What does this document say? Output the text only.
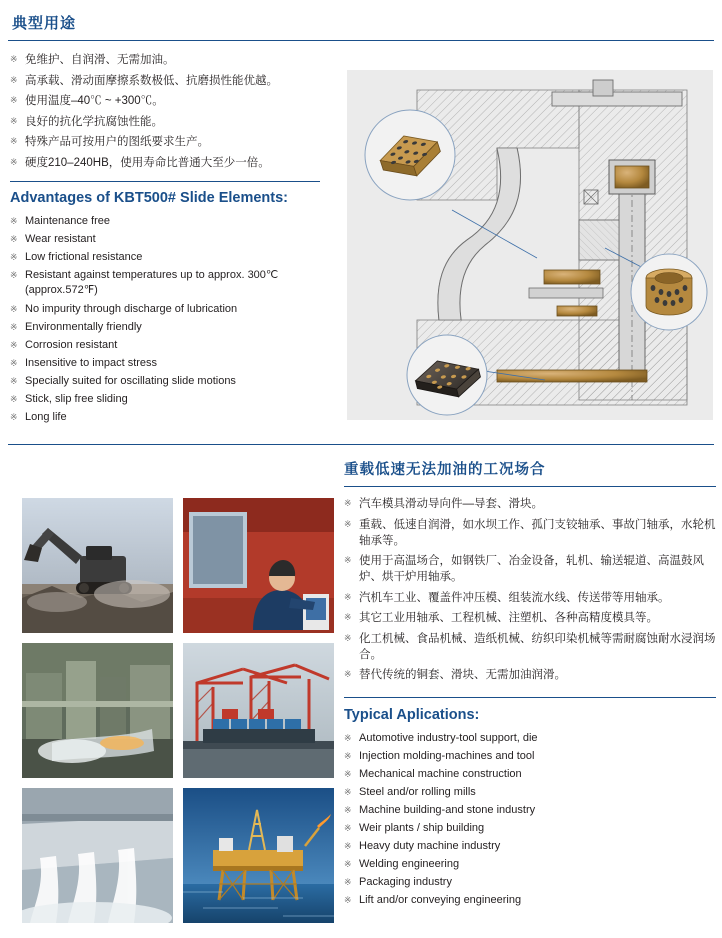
典型用途
※ 免维护、自润滑、无需加油。
※ 高承载、滑动面摩擦系数极低、抗磨损性能优越。
※ 使用温度–40℃ ~ +300℃。
※ 良好的抗化学抗腐蚀性能。
※ 特殊产品可按用户的图纸要求生产。
※ 硬度210–240HB，使用寿命比普通大至少一倍。
Advantages of KBT500# Slide Elements:
※ Maintenance free
※ Wear resistant
※ Low frictional resistance
※ Resistant against temperatures up to approx. 300℃ (approx.572℉)
※ No impurity through discharge of lubrication
※ Environmentally friendly
※ Corrosion resistant
※ Insensitive to impact stress
※ Specially suited for oscillating slide motions
※ Stick, slip free sliding
※ Long life
重载低速无法加油的工况场合
※ 汽车模具滑动导向件—导套、滑块。
※ 重载、低速自润滑，如水坝工作、孤门支铰轴承、事故门轴承，水轮机轴承等。
※ 使用于高温场合，如钢铁厂、冶金设备，轧机、输送辊道、高温鼓风炉、烘干炉用轴承。
※ 汽机车工业、覆盖件冲压模、组装流水线、传送带等用轴承。
※ 其它工业用轴承、工程机械、注塑机、各种高精度模具等。
※ 化工机械、食品机械、造纸机械、纺织印染机械等需耐腐蚀耐水浸润场合。
※ 替代传统的铜套、滑块、无需加油润滑。
Typical Aplications:
※ Automotive industry-tool support, die
※ Injection molding-machines and tool
※ Mechanical machine construction
※ Steel and/or rolling mills
※ Machine building-and stone industry
※ Weir plants / ship building
※ Heavy duty machine industry
※ Welding engineering
※ Packaging industry
※ Lift and/or conveying engineering
